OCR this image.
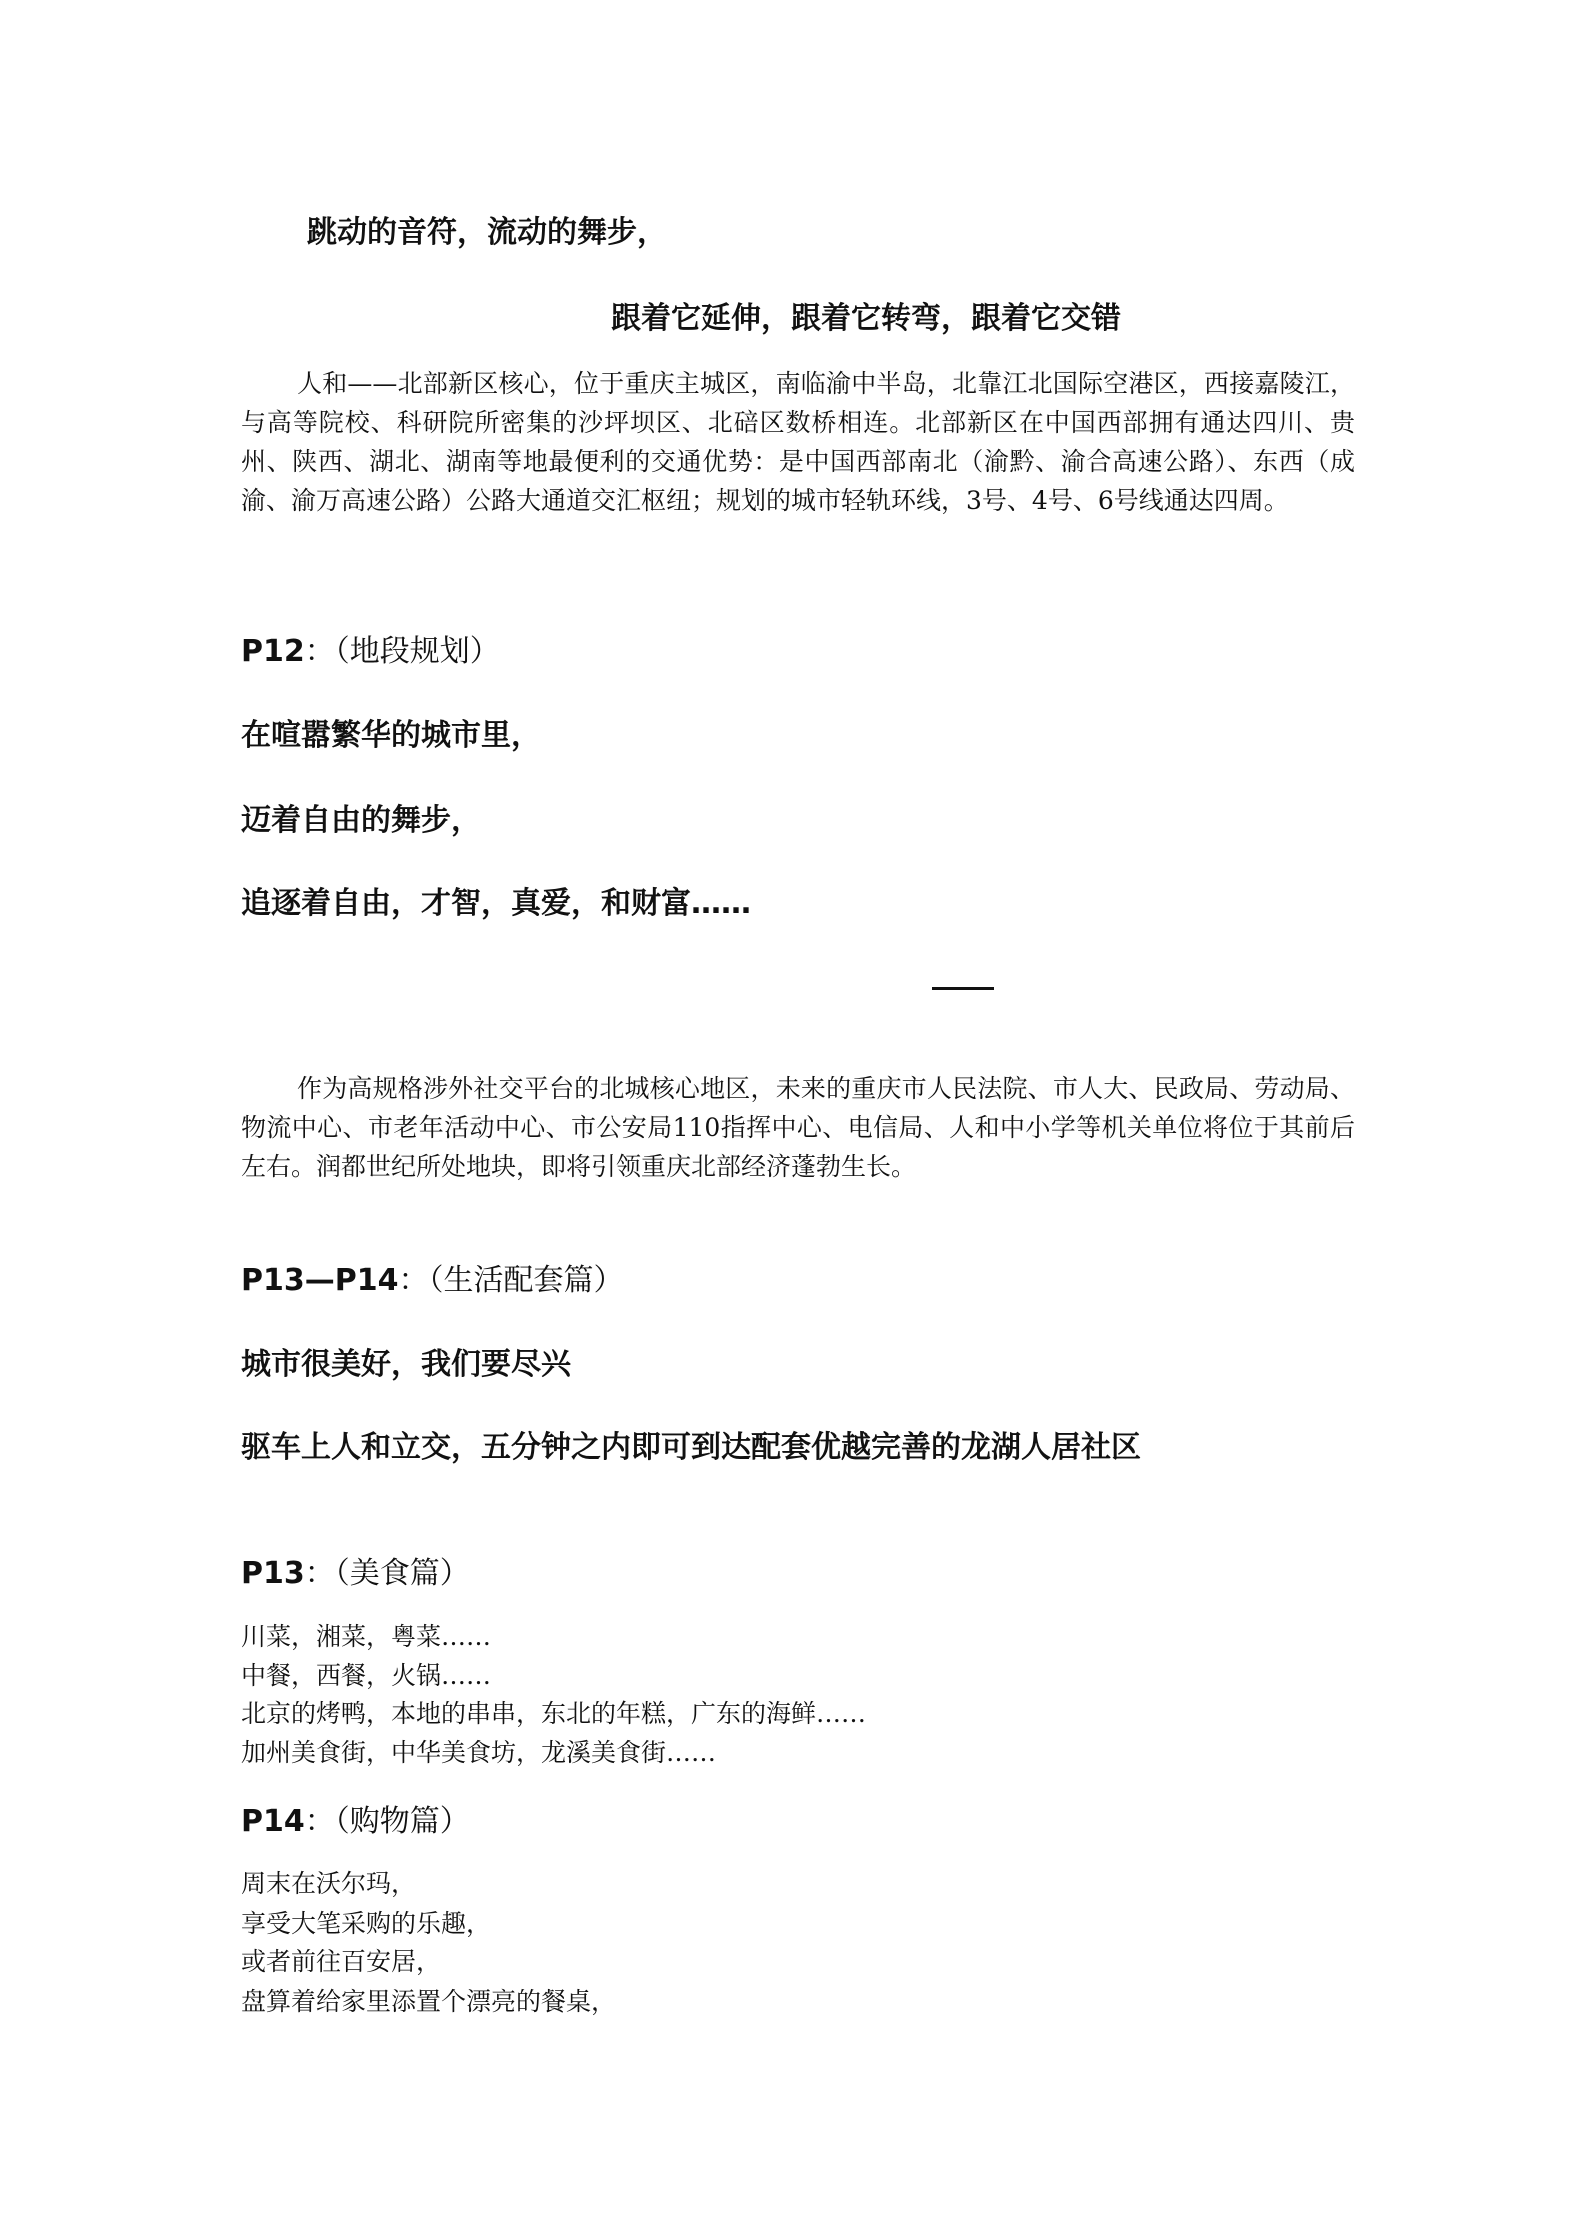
跳动的音符，流动的舞步，

跟着它延伸，跟着它转弯，跟着它交错

人和——北部新区核心，位于重庆主城区，南临渝中半岛，北靠江北国际空港区，西接嘉陵江，与高等院校、科研院所密集的沙坪坝区、北碚区数桥相连。北部新区在中国西部拥有通达四川、贵州、陕西、湖北、湖南等地最便利的交通优势：是中国西部南北（渝黔、渝合高速公路）、东西（成渝、渝万高速公路）公路大通道交汇枢纽；规划的城市轻轨环线，3号、4号、6号线通达四周。

P12：（地段规划）

在喧嚣繁华的城市里，

迈着自由的舞步，

追逐着自由，才智，真爱，和财富……

作为高规格涉外社交平台的北城核心地区，未来的重庆市人民法院、市人大、民政局、劳动局、物流中心、市老年活动中心、市公安局110指挥中心、电信局、人和中小学等机关单位将位于其前后左右。润都世纪所处地块，即将引领重庆北部经济蓬勃生长。

P13—P14：（生活配套篇）

城市很美好，我们要尽兴

驱车上人和立交，五分钟之内即可到达配套优越完善的龙湖人居社区

P13：（美食篇）

川菜，湘菜，粤菜……

中餐，西餐，火锅……

北京的烤鸭，本地的串串，东北的年糕，广东的海鲜……

加州美食街，中华美食坊，龙溪美食街……

P14：（购物篇）

周末在沃尔玛，

享受大笔采购的乐趣，

或者前往百安居，

盘算着给家里添置个漂亮的餐桌，
